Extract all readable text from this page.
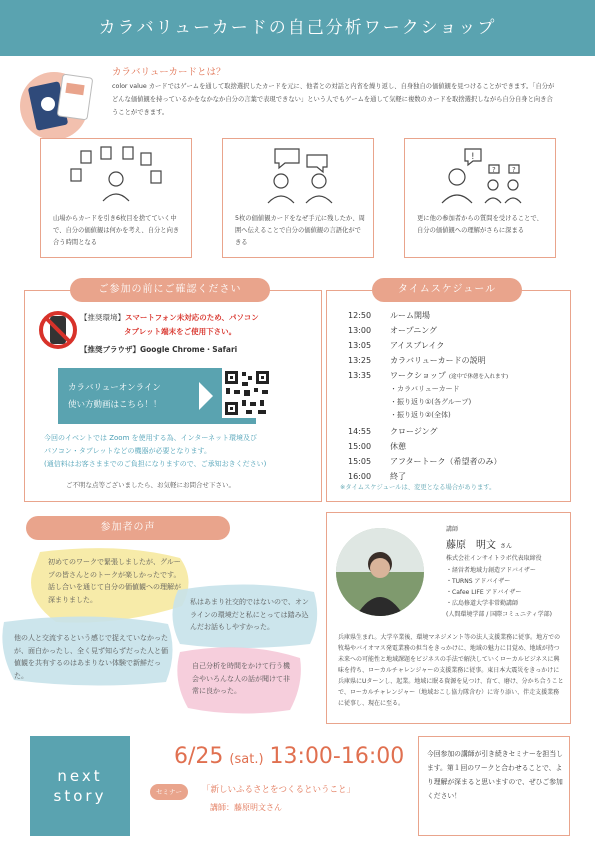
カラバリューカードの自己分析ワークショップ
カラバリューカードとは？
color value カードではゲームを通して取捨選択したカードを元に、他者との対話と内省を繰り返し、自身独自の価値観を見つけることができます。「自分がどんな価値観を持っているかをなかなか自分の言葉で表現できない」という人でもゲームを通して気軽に複数のカードを取捨選択しながら自分自身と向き合うことができます。
山場からカードを引き6枚目を捨てていく中で、自分の価値観は何かを考え、自分と向き合う時間となる
5枚の価値観カードをなぜ手元に残したか、周囲へ伝えることで自分の価値観の言語化ができる
!
? ?
更に他の参加者からの質問を受けることで、自分の価値観への理解がさらに深まる
ご参加の前にご確認ください
【推奨環境】スマートフォン未対応のため、パソコン
タブレット端末をご使用下さい。
【推奨ブラウザ】Google Chrome・Safari
カラバリューオンライン
使い方動画はこちら！！
今回のイベントでは Zoom を使用する為、インターネット環境及び
パソコン・タブレットなどの機器が必要となります。
(通信料はお客さままでのご負担になりますので、ご承知おきください)
ご不明な点等ございましたら、お気軽にお問合せ下さい。
タイムスケジュール
12:50 ルーム開場
13:00 オープニング
13:05 アイスブレイク
13:25 カラバリューカードの説明
13:35 ワークショップ (途中で休憩を入れます)
・カラバリューカード
・振り返り①(各グループ)
・振り返り②(全体)
14:55 クロージング
15:00 休憩
15:05 アフタートーク（希望者のみ）
16:00 終了
※タイムスケジュールは、変更となる場合があります。
参加者の声
初めてのワークで緊張しましたが、グループの皆さんとのトークが楽しかったです。話し合いを通じて自分の価値観への理解が深まりました。	私はあまり社交的ではないので、オンラインの環境だと私にとっては踏み込んだお話もしやすかった。
他の人と交流するという感じで捉えていなかったが、面白かったし、全く見ず知らずだった人と価値観を共有するのはあまりない体験で新鮮だった。
自己分析を時間をかけて行う機会やいろんな人の話が聞けて非常に良かった。
講師
藤原　明文 さん
株式会社インサイトラボ代表取締役
・経営者地域力創造アドバイザー
・TURNS アドバイザー
・Cafee LIFE アドバイザー
・広島修道大学非常勤講師
(人間環境学部 / 国際コミュニティ学部)
兵庫県生まれ。大学卒業後、環境マネジメント等の法人支援業務に従事。地方での牧場やバイオマス発電業務の担当をきっかけに、地域の魅力に目覚め、地域が持つ未来への可能性と地域課題をビジネスの手法で解決していくローカルビジネスに興味を持ち、ローカルチャレンジャーの支援業務に従事。東日本大震災をきっかけに兵庫県にUターンし、起業。地域に眠る資源を見つけ、育て、磨け、分かち合うことで、ローカルチャレンジャー（地域おこし協力隊含む）に寄り添い、伴走支援業務に従事し、現在に至る。
next
story
6/25 (sat.) 13:00-16:00
セミナー	「新しいふるさとをつくるということ」
講師：藤原明文さん
今回参加の講師が引き続きセミナーを担当します。第１回のワークと合わせることで、より理解が深まると思いますので、ぜひご参加ください！
